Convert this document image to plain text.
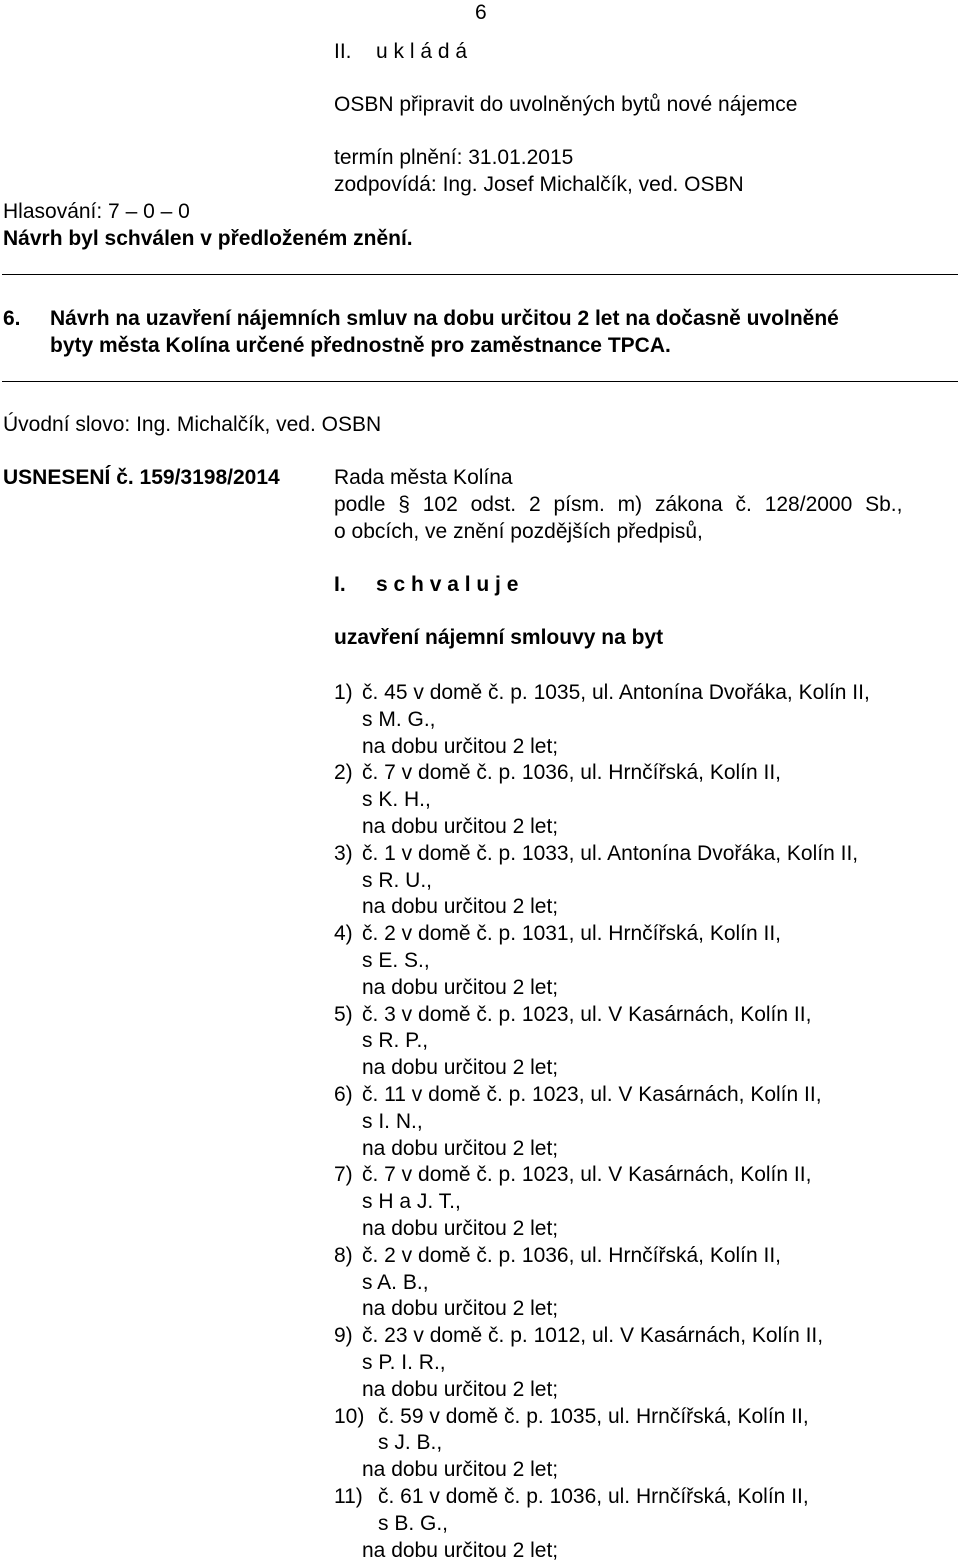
6
II. u k l á d á
OSBN připravit do uvolněných bytů nové nájemce
termín plnění: 31.01.2015
zodpovídá: Ing. Josef Michalčík, ved. OSBN
Hlasování: 7 – 0 – 0
Návrh byl schválen v předloženém znění.
6. Návrh na uzavření nájemních smluv na dobu určitou 2 let na dočasně uvolněné
byty města Kolína určené přednostně pro zaměstnance TPCA.
Úvodní slovo: Ing. Michalčík, ved. OSBN
USNESENÍ č. 159/3198/2014	Rada města Kolína
podle § 102 odst. 2 písm. m) zákona č. 128/2000 Sb.,
o obcích, ve znění pozdějších předpisů,
I. s c h v a l u j e
uzavření nájemní smlouvy na byt
1) č. 45 v domě č. p. 1035, ul. Antonína Dvořáka, Kolín II,
s M. G.,
na dobu určitou 2 let;
2) č. 7 v domě č. p. 1036, ul. Hrnčířská, Kolín II,
s K. H.,
na dobu určitou 2 let;
3) č. 1 v domě č. p. 1033, ul. Antonína Dvořáka, Kolín II,
s R. U.,
na dobu určitou 2 let;
4) č. 2 v domě č. p. 1031, ul. Hrnčířská, Kolín II,
s E. S.,
na dobu určitou 2 let;
5) č. 3 v domě č. p. 1023, ul. V Kasárnách, Kolín II,
s R. P.,
na dobu určitou 2 let;
6) č. 11 v domě č. p. 1023, ul. V Kasárnách, Kolín II,
s I. N.,
na dobu určitou 2 let;
7) č. 7 v domě č. p. 1023, ul. V Kasárnách, Kolín II,
s H a J. T.,
na dobu určitou 2 let;
8) č. 2 v domě č. p. 1036, ul. Hrnčířská, Kolín II,
s A. B.,
na dobu určitou 2 let;
9) č. 23 v domě č. p. 1012, ul. V Kasárnách, Kolín II,
s P. I. R.,
na dobu určitou 2 let;
10) č. 59 v domě č. p. 1035, ul. Hrnčířská, Kolín II,
s J. B.,
na dobu určitou 2 let;
11) č. 61 v domě č. p. 1036, ul. Hrnčířská, Kolín II,
s B. G.,
na dobu určitou 2 let;
